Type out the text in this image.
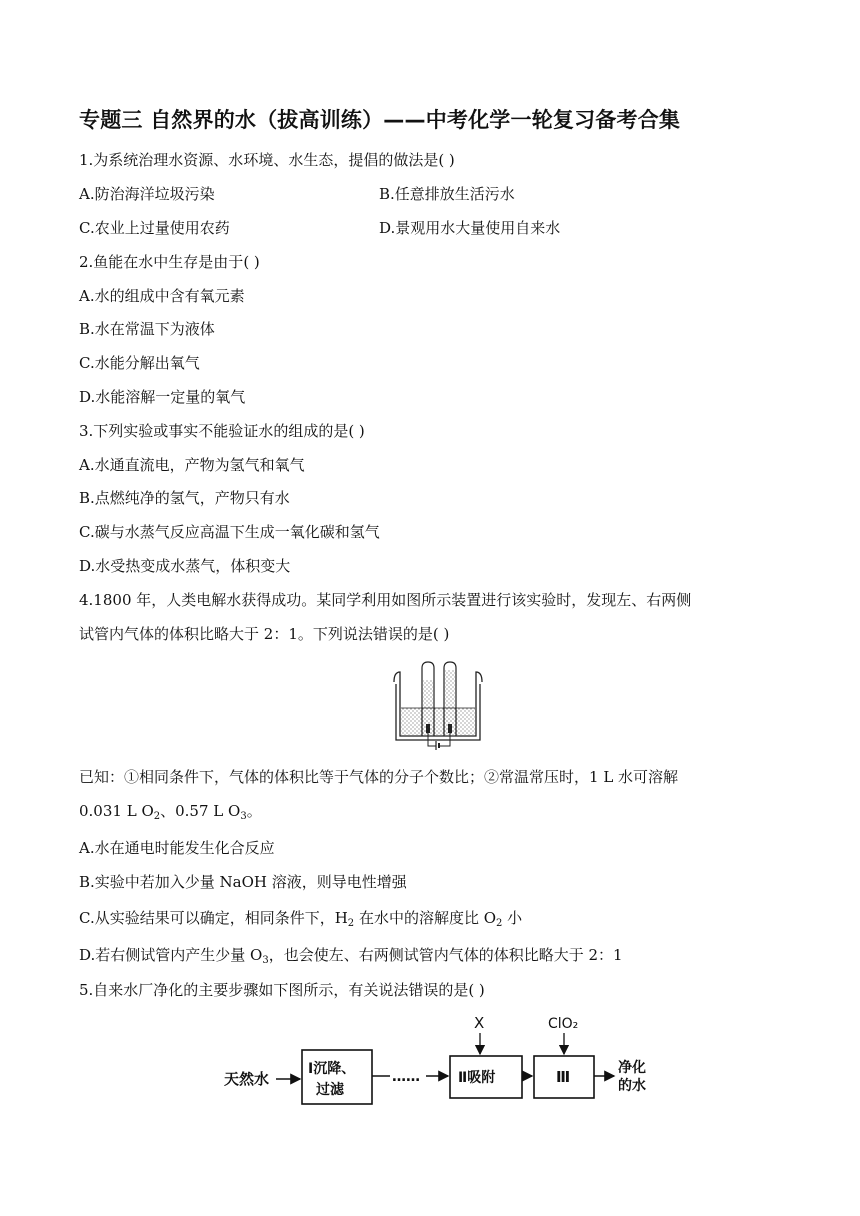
专题三 自然界的水（拔高训练）——中考化学一轮复习备考合集
1.为系统治理水资源、水环境、水生态，提倡的做法是( )
A.防治海洋垃圾污染	B.任意排放生活污水
C.农业上过量使用农药	D.景观用水大量使用自来水
2.鱼能在水中生存是由于( )
A.水的组成中含有氧元素
B.水在常温下为液体
C.水能分解出氧气
D.水能溶解一定量的氧气
3.下列实验或事实不能验证水的组成的是( )
A.水通直流电，产物为氢气和氧气
B.点燃纯净的氢气，产物只有水
C.碳与水蒸气反应高温下生成一氧化碳和氢气
D.水受热变成水蒸气，体积变大
4.1800 年，人类电解水获得成功。某同学利用如图所示装置进行该实验时，发现左、右两侧
试管内气体的体积比略大于 2：1。下列说法错误的是( )
已知：①相同条件下，气体的体积比等于气体的分子个数比；②常温常压时，1 L 水可溶解
0.031 L $O_2$、0.57 L $O_3$。
A.水在通电时能发生化合反应
B.实验中若加入少量 NaOH 溶液，则导电性增强
C.从实验结果可以确定，相同条件下，$H_2$ 在水中的溶解度比 $O_2$ 小
D.若右侧试管内产生少量 $O_3$，也会使左、右两侧试管内气体的体积比略大于 2：1
5.自来水厂净化的主要步骤如下图所示，有关说法错误的是( )
天然水
Ⅰ沉降、
过滤
……	Ⅱ吸附
X
Ⅲ
ClO₂
净化
的水
